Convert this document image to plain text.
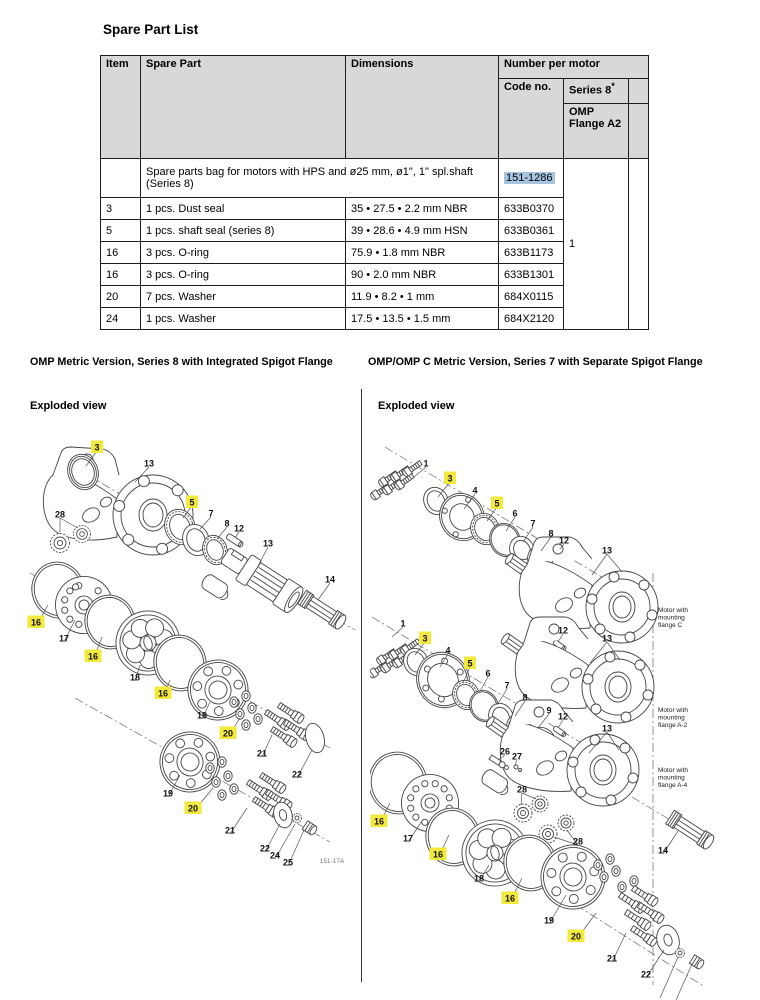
Spare Part List
Item	Spare Part	Dimensions	Number per motor		
			Code no.	Series 8*	
				OMP Flange A2	
	Spare parts bag for motors with HPS and ø25 mm, ø1", 1" spl.shaft (Series 8)		151-1286	1	
3	1 pcs. Dust seal	35 • 27.5 • 2.2 mm NBR	633B0370		
5	1 pcs. shaft seal (series 8)	39 • 28.6 • 4.9 mm HSN	633B0361		
16	3 pcs. O-ring	75.9 • 1.8 mm NBR	633B1173		
16	3 pcs. O-ring	90 • 2.0 mm NBR	633B1301		
20	7 pcs. Washer	11.9 • 8.2 • 1 mm	684X0115		
24	1 pcs. Washer	17.5 • 13.5 • 1.5 mm	684X2120		
OMP Metric Version, Series 8 with Integrated Spigot Flange	OMP/OMP C Metric Version, Series 7 with Separate Spigot Flange
Exploded view	Exploded view
3
13
28
5
7
8 12
13
14
16
17
16
18
16
19
20
21
22
19
20
21
22
24
25	151-17A
1
3
4
5
6
7
8
12
13
1
3
4
5
6
7
8
9
12
13
12
13
26 27
16
17
28
16
18
16
28
14
19
20
21
22
Motor with mounting flange C
Motor with mounting flange A-2
Motor with mounting flange A-4
